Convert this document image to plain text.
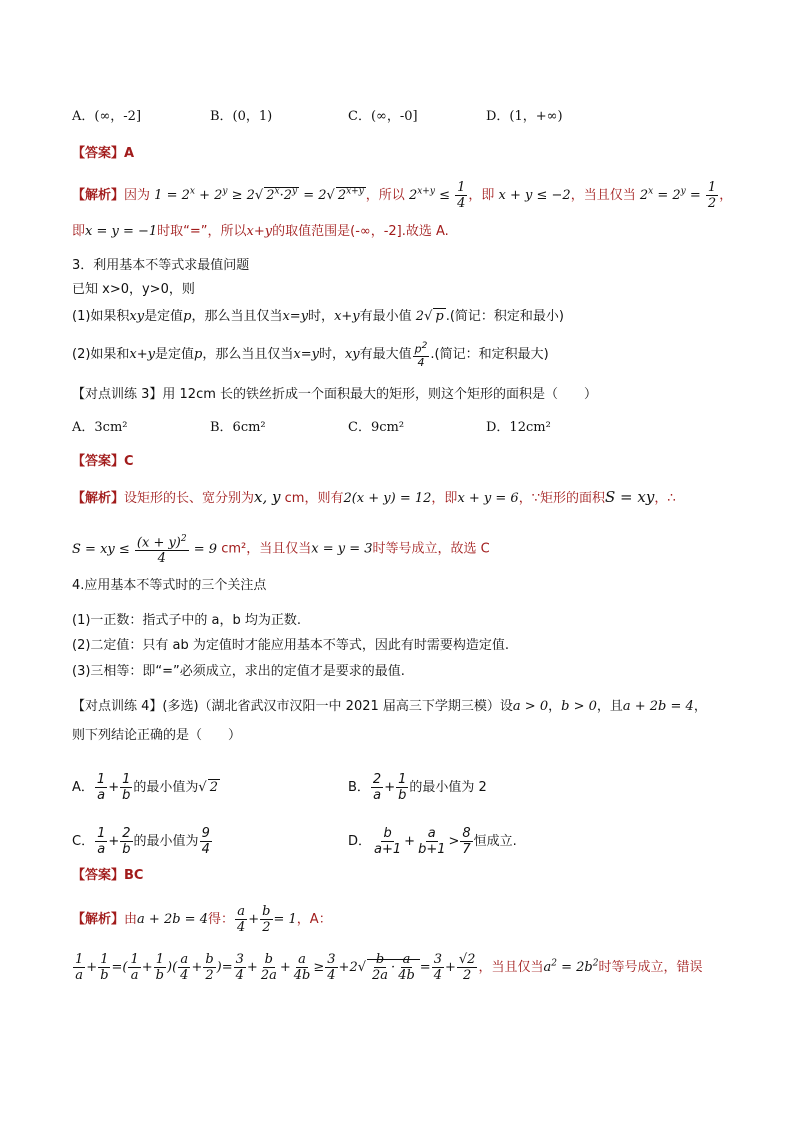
A．(∞，-2]	B．(0，1)	C．(∞，-0]	D．(1，+∞)
【答案】A
【解析】因为 $1 = 2^x + 2^y \ge 2√$ $2^x\cdot 2^y = 2√$ $2^{x+y}$ ，所以 $2^{x+y} \le \frac{1}{4}$ ，即 x + y ≤ −2，当且仅当 $2^x = 2^y = \frac{1}{2}$ ，
即x = y = −1时取“=”，所以x+y的取值范围是(-∞，-2].故选 A.
3．利用基本不等式求最值问题
已知 x>0，y>0，则
(1)如果积xy是定值p，那么当且仅当x=y时，x+y有最小值 2√ p .(简记：积定和最小)
(2)如果和x+y是定值p，那么当且仅当x=y时，xy有最大值 $\frac{p^2}{4}$ .(简记：和定积最大)
【对点训练 3】用 12cm 长的铁丝折成一个面积最大的矩形，则这个矩形的面积是（　　）
A．3cm²	B．6cm²	C．9cm²	D．12cm²
【答案】C
【解析】设矩形的长、宽分别为x, y cm，则有2(x + y) = 12，即x + y = 6，∵矩形的面积S = xy，∴
S = xy ≤ $\frac{(x + y)^2}{4} = 9$ cm²，当且仅当x = y = 3时等号成立，故选 C
4.应用基本不等式时的三个关注点
(1)一正数：指式子中的 a，b 均为正数.
(2)二定值：只有 ab 为定值时才能应用基本不等式，因此有时需要构造定值.
(3)三相等：即“=”必须成立，求出的定值才是要求的最值.
【对点训练 4】(多选)（湖北省武汉市汉阳一中 2021 届高三下学期三模）设a > 0，b > 0，且a + 2b = 4，
则下列结论正确的是（　　）
A． $\frac{1}{a} + \frac{1}{b}$ 的最小值为√ 2	B． $\frac{2}{a} + \frac{1}{b}$ 的最小值为 2
C． $\frac{1}{a} + \frac{2}{b}$ 的最小值为 $\frac{9}{4}$	D． $\frac{b}{a+1} + \frac{a}{b+1} > \frac{8}{7}$ 恒成立.
【答案】BC
【解析】由a + 2b = 4得： $\frac{a}{4} + \frac{b}{2} = 1$，A：
$\frac{1}{a} + \frac{1}{b}$ =( $\frac{1}{a} + \frac{1}{b}$ )( $\frac{a}{4} + \frac{b}{2}$ )= $\frac{3}{4} + \frac{b}{2a} + \frac{a}{4b} \ge \frac{3}{4} +2√ \frac{b}{2a} \cdot \frac{a}{4b} = \frac{3}{4} + \frac{√2}{2}$ ，当且仅当$a^2 = 2b^2$时等号成立，错误
